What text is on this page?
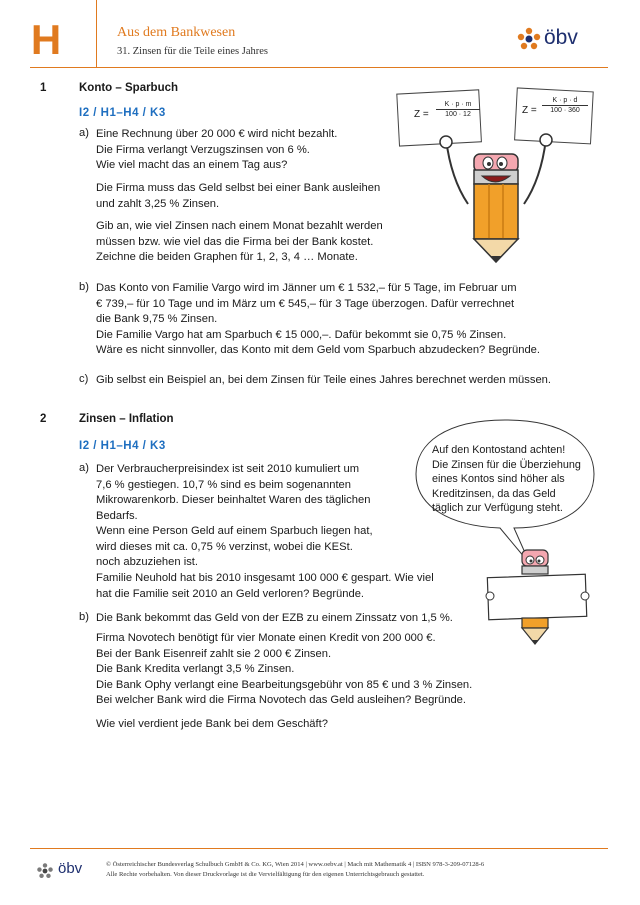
H	Aus dem Bankwesen
31. Zinsen für die Teile eines Jahres
öbv
1	Konto – Sparbuch
I2 / H1–H4 / K3
a) Eine Rechnung über 20 000 € wird nicht bezahlt.
Die Firma verlangt Verzugszinsen von 6 %.
Wie viel macht das an einem Tag aus?
Die Firma muss das Geld selbst bei einer Bank ausleihen
und zahlt 3,25 % Zinsen.
Gib an, wie viel Zinsen nach einem Monat bezahlt werden
müssen bzw. wie viel das die Firma bei der Bank kostet.
Zeichne die beiden Graphen für 1, 2, 3, 4 … Monate.
b) Das Konto von Familie Vargo wird im Jänner um € 1 532,– für 5 Tage, im Februar um
€ 739,– für 10 Tage und im März um € 545,– für 3 Tage überzogen. Dafür verrechnet
die Bank 9,75 % Zinsen.
Die Familie Vargo hat am Sparbuch € 15 000,–. Dafür bekommt sie 0,75 % Zinsen.
Wäre es nicht sinnvoller, das Konto mit dem Geld vom Sparbuch abzudecken? Begründe.
c) Gib selbst ein Beispiel an, bei dem Zinsen für Teile eines Jahres berechnet werden müssen.
Z =
K · p · m
100 · 12	Z =
K · p · d
100 · 360
2	Zinsen – Inflation
I2 / H1–H4 / K3
a) Der Verbraucherpreisindex ist seit 2010 kumuliert um
7,6 % gestiegen. 10,7 % sind es beim sogenannten
Mikrowarenkorb. Dieser beinhaltet Waren des täglichen
Bedarfs.
Wenn eine Person Geld auf einem Sparbuch liegen hat,
wird dieses mit ca. 0,75 % verzinst, wobei die KESt.
noch abzuziehen ist.
Familie Neuhold hat bis 2010 insgesamt 100 000 € gespart. Wie viel
hat die Familie seit 2010 an Geld verloren? Begründe.
b) Die Bank bekommt das Geld von der EZB zu einem Zinssatz von 1,5 %.
Firma Novotech benötigt für vier Monate einen Kredit von 200 000 €.
Bei der Bank Eisenreif zahlt sie 2 000 € Zinsen.
Die Bank Kredita verlangt 3,5 % Zinsen.
Die Bank Ophy verlangt eine Bearbeitungsgebühr von 85 € und 3 % Zinsen.
Bei welcher Bank wird die Firma Novotech das Geld ausleihen? Begründe.
Wie viel verdient jede Bank bei dem Geschäft?
Auf den Kontostand achten!
Die Zinsen für die Überziehung
eines Kontos sind höher als
Kreditzinsen, da das Geld
täglich zur Verfügung steht.
öbv	© Österreichischer Bundesverlag Schulbuch GmbH & Co. KG, Wien 2014 | www.oebv.at | Mach mit Mathematik 4 | ISBN 978-3-209-07128-6
Alle Rechte vorbehalten. Von dieser Druckvorlage ist die Vervielfältigung für den eigenen Unterrichtsgebrauch gestattet.
